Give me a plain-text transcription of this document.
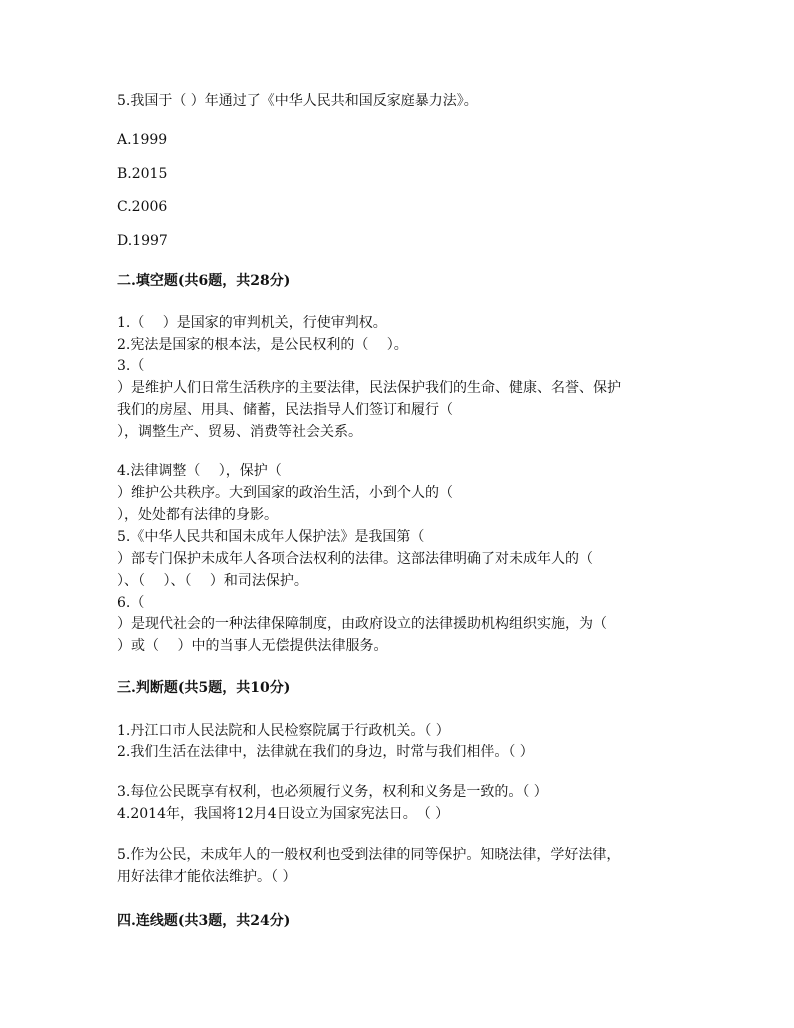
5.我国于（ ）年通过了《中华人民共和国反家庭暴力法》。
A.1999
B.2015
C.2006
D.1997
二.填空题(共6题，共28分)
1.（　 ）是国家的审判机关，行使审判权。
2.宪法是国家的根本法，是公民权利的（　 ）。
3.（
）是维护人们日常生活秩序的主要法律，民法保护我们的生命、健康、名誉、保护
我们的房屋、用具、储蓄，民法指导人们签订和履行（
），调整生产、贸易、消费等社会关系。
4.法律调整（　 ），保护（
）维护公共秩序。大到国家的政治生活，小到个人的（
），处处都有法律的身影。
5.《中华人民共和国未成年人保护法》是我国第（
）部专门保护未成年人各项合法权利的法律。这部法律明确了对未成年人的（
）、（　 ）、（　 ）和司法保护。
6.（
）是现代社会的一种法律保障制度，由政府设立的法律援助机构组织实施，为（
）或（　 ）中的当事人无偿提供法律服务。
三.判断题(共5题，共10分)
1.丹江口市人民法院和人民检察院属于行政机关。（ ）
2.我们生活在法律中，法律就在我们的身边，时常与我们相伴。（ ）
3.每位公民既享有权利，也必须履行义务，权利和义务是一致的。（ ）
4.2014年，我国将12月4日设立为国家宪法日。　（ ）
5.作为公民，未成年人的一般权利也受到法律的同等保护。知晓法律，学好法律，
用好法律才能依法维护。（ ）
四.连线题(共3题，共24分)
